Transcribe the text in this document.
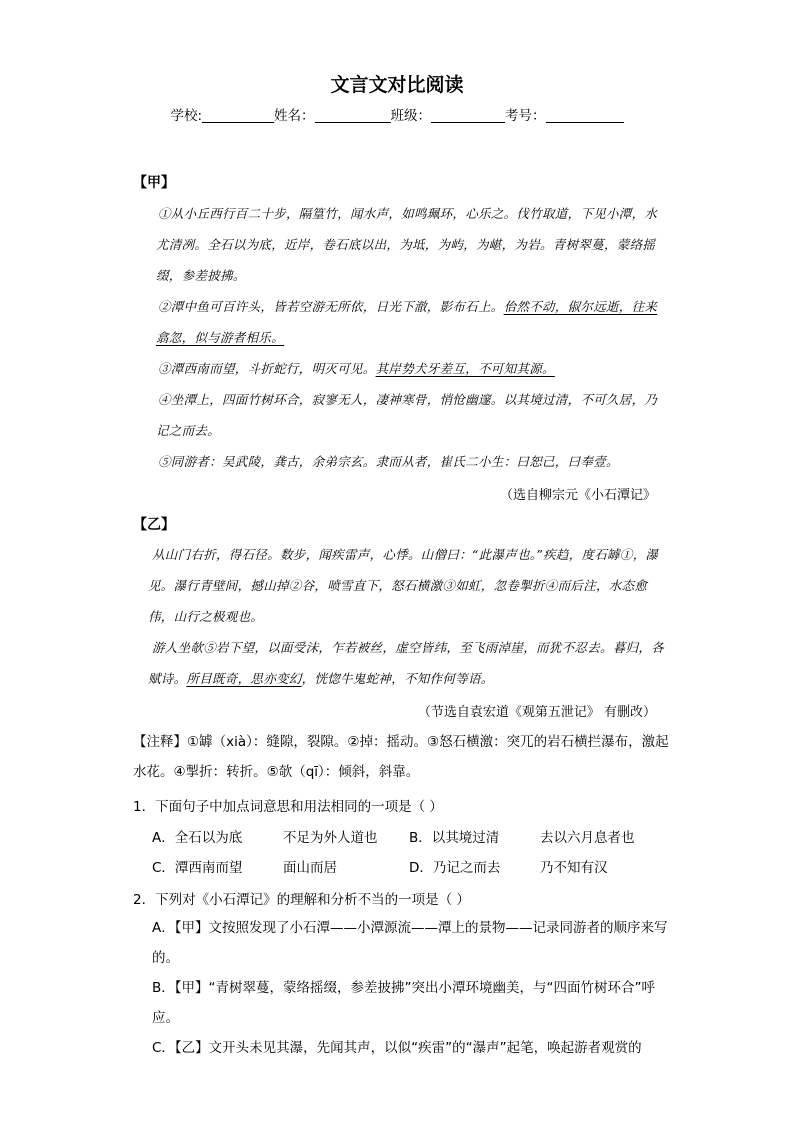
文言文对比阅读
学校:	姓名：	班级：	考号：
【甲】

①从小丘西行百二十步，隔篁竹，闻水声，如鸣珮环，心乐之。伐竹取道，下见小潭，水尤清冽。全石以为底，近岸，卷石底以出，为坻，为屿，为嵁，为岩。青树翠蔓，蒙络摇缀，参差披拂。

②潭中鱼可百许头，皆若空游无所依，日光下澈，影布石上。佁然不动，俶尔远逝，往来翕忽，似与游者相乐。

③潭西南而望，斗折蛇行，明灭可见。其岸势犬牙差互，不可知其源。

④坐潭上，四面竹树环合，寂寥无人，凄神寒骨，悄怆幽邃。以其境过清，不可久居，乃记之而去。

⑤同游者：吴武陵，龚古，余弟宗玄。隶而从者，崔氏二小生：曰恕己，曰奉壹。

（选自柳宗元《小石潭记》
【乙】

从山门右折，得石径。数步，闻疾雷声，心悸。山僧曰：“此瀑声也。”疾趋，度石罅①，瀑见。瀑行青壁间，撼山掉②谷，喷雪直下，怒石横激③如虹，忽卷掣折④而后注，水态愈伟，山行之极观也。

游人坐欹⑤岩下望，以面受沫，乍若被丝，虚空皆纬，至飞雨淖崖，而犹不忍去。暮归，各赋诗。所目既奇，思亦变幻，恍惚牛鬼蛇神，不知作何等语。

（节选自袁宏道《观第五泄记》 有删改）

【注释】①罅（xià）：缝隙，裂隙。②掉：摇动。③怒石横激：突兀的岩石横拦瀑布，激起水花。④掣折：转折。⑤欹（qī）：倾斜，斜靠。

1．下面句子中加点词意思和用法相同的一项是（ ）
A．全石以为底	不足为外人道也 B．以其境过清	去以六月息者也
C．潭西南而望	面山而居	D．乃记之而去	乃不知有汉
2．下列对《小石潭记》的理解和分析不当的一项是（ ）

A．【甲】文按照发现了小石潭——小潭源流——潭上的景物——记录同游者的顺序来写的。

B．【甲】“青树翠蔓，蒙络摇缀，参差披拂”突出小潭环境幽美，与“四面竹树环合”呼应。

C．【乙】文开头未见其瀑，先闻其声，以似“疾雷”的“瀑声”起笔，唤起游者观赏的
